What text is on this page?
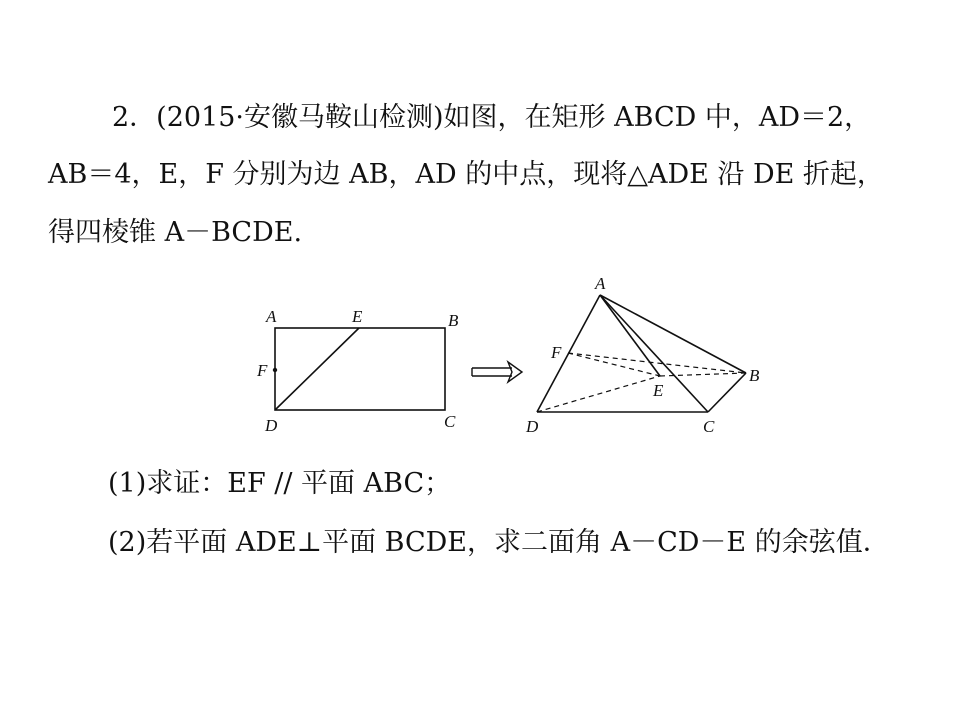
2．(2015·安徽马鞍山检测)如图，在矩形 ABCD 中，AD＝2，
AB＝4，E，F 分别为边 AB，AD 的中点，现将△ADE 沿 DE 折起，
得四棱锥 A－BCDE.
A	E	B
F
D	C
A
F
E
B
D	C
(1)求证：EF // 平面 ABC；
(2)若平面 ADE⊥平面 BCDE，求二面角 A－CD－E 的余弦值．
